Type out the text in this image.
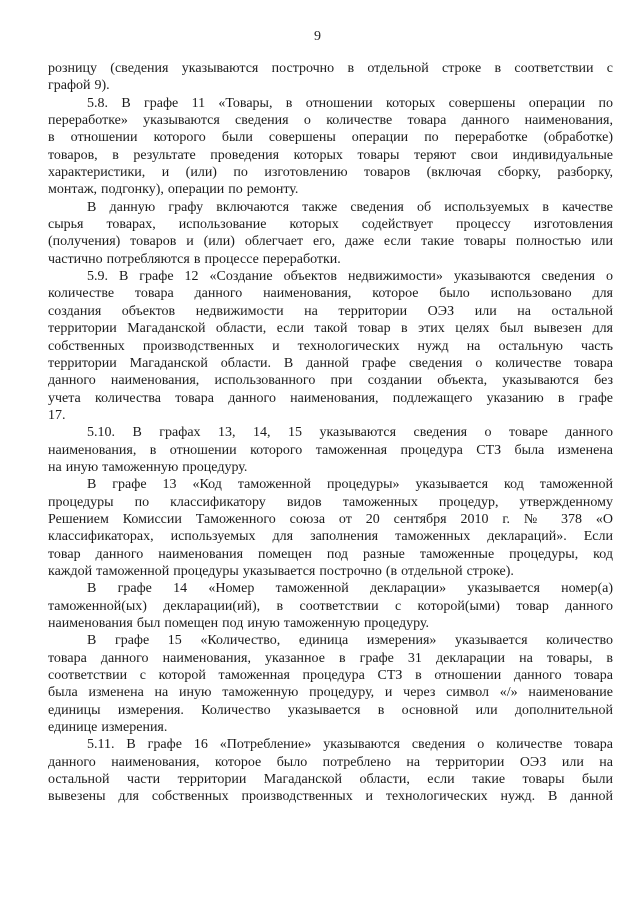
9
розницу (сведения указываются построчно в отдельной строке в соответствии с
графой 9).
5.8. В графе 11 «Товары, в отношении которых совершены операции по
переработке» указываются сведения о количестве товара данного наименования,
в отношении которого были совершены операции по переработке (обработке)
товаров, в результате проведения которых товары теряют свои индивидуальные
характеристики, и (или) по изготовлению товаров (включая сборку, разборку,
монтаж, подгонку), операции по ремонту.
В данную графу включаются также сведения об используемых в качестве
сырья товарах, использование которых содействует процессу изготовления
(получения) товаров и (или) облегчает его, даже если такие товары полностью или
частично потребляются в процессе переработки.
5.9. В графе 12 «Создание объектов недвижимости» указываются сведения о
количестве товара данного наименования, которое было использовано для
создания объектов недвижимости на территории ОЭЗ или на остальной
территории Магаданской области, если такой товар в этих целях был вывезен для
собственных производственных и технологических нужд на остальную часть
территории Магаданской области. В данной графе сведения о количестве товара
данного наименования, использованного при создании объекта, указываются без
учета количества товара данного наименования, подлежащего указанию в графе
17.
5.10. В графах 13, 14, 15 указываются сведения о товаре данного
наименования, в отношении которого таможенная процедура СТЗ была изменена
на иную таможенную процедуру.
В графе 13 «Код таможенной процедуры» указывается код таможенной
процедуры по классификатору видов таможенных процедур, утвержденному
Решением Комиссии Таможенного союза от 20 сентября 2010 г. № 378 «О
классификаторах, используемых для заполнения таможенных деклараций». Если
товар данного наименования помещен под разные таможенные процедуры, код
каждой таможенной процедуры указывается построчно (в отдельной строке).
В графе 14 «Номер таможенной декларации» указывается номер(а)
таможенной(ых) декларации(ий), в соответствии с которой(ыми) товар данного
наименования был помещен под иную таможенную процедуру.
В графе 15 «Количество, единица измерения» указывается количество
товара данного наименования, указанное в графе 31 декларации на товары, в
соответствии с которой таможенная процедура СТЗ в отношении данного товара
была изменена на иную таможенную процедуру, и через символ «/» наименование
единицы измерения. Количество указывается в основной или дополнительной
единице измерения.
5.11. В графе 16 «Потребление» указываются сведения о количестве товара
данного наименования, которое было потреблено на территории ОЭЗ или на
остальной части территории Магаданской области, если такие товары были
вывезены для собственных производственных и технологических нужд. В данной
